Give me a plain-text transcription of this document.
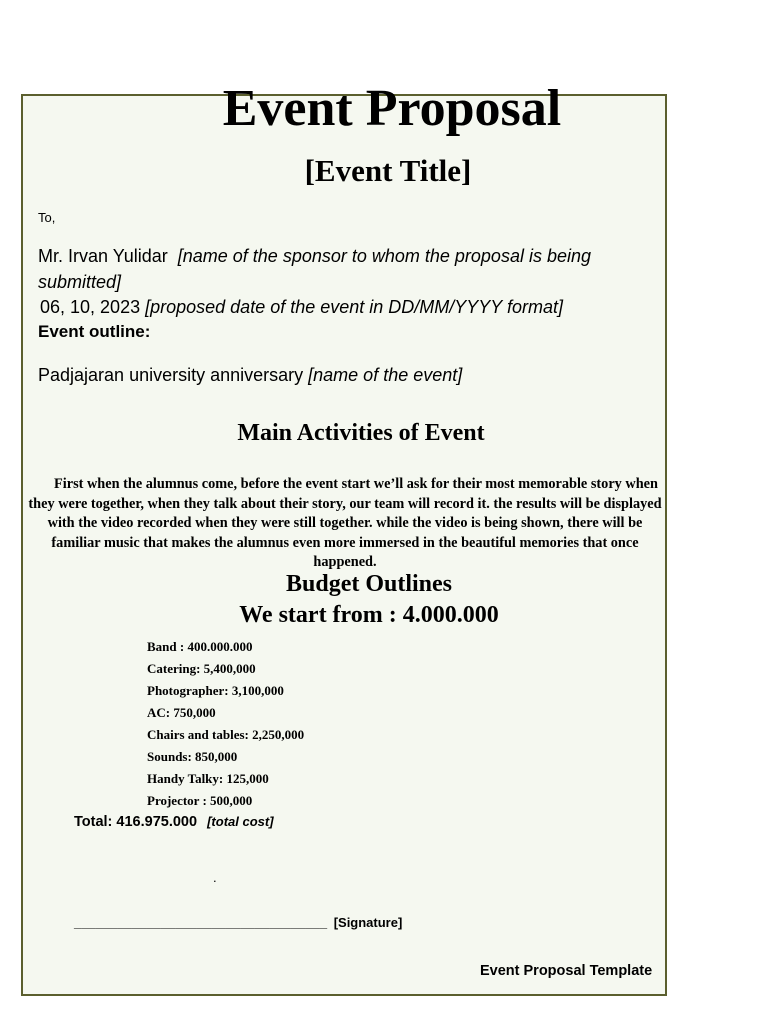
Event Proposal
[Event Title]
To,
Mr. Irvan Yulidar [name of the sponsor to whom the proposal is being submitted]
06, 10, 2023 [proposed date of the event in DD/MM/YYYY format]
Event outline:
Padjajaran university anniversary [name of the event]
Main Activities of Event
First when the alumnus come, before the event start we’ll ask for their most memorable story when they were together, when they talk about their story, our team will record it. the results will be displayed with the video recorded when they were still together. while the video is being shown, there will be familiar music that makes the alumnus even more immersed in the beautiful memories that once happened.
Budget Outlines
We start from : 4.000.000
Band : 400.000.000
Catering: 5,400,000
Photographer: 3,100,000
AC: 750,000
Chairs and tables: 2,250,000
Sounds: 850,000
Handy Talky: 125,000
Projector : 500,000
Total: 416.975.000 [total cost]
.
___________________________________ [Signature]
Event Proposal Template
